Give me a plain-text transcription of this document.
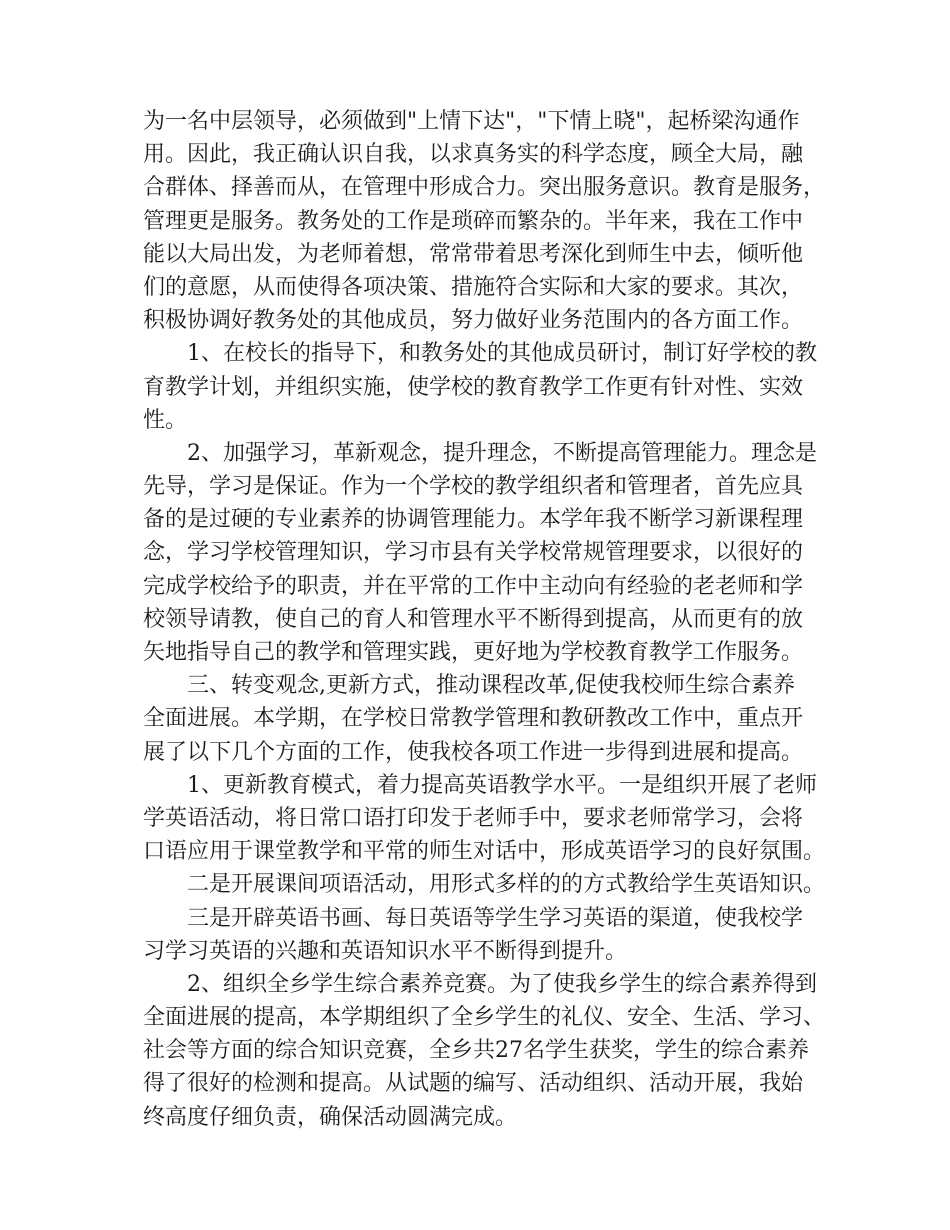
为一名中层领导，必须做到"上情下达"，"下情上晓"，起桥梁沟通作
用。因此，我正确认识自我，以求真务实的科学态度，顾全大局，融
合群体、择善而从，在管理中形成合力。突出服务意识。教育是服务，
管理更是服务。教务处的工作是琐碎而繁杂的。半年来，我在工作中
能以大局出发，为老师着想，常常带着思考深化到师生中去，倾听他
们的意愿，从而使得各项决策、措施符合实际和大家的要求。其次，
积极协调好教务处的其他成员，努力做好业务范围内的各方面工作。
1、在校长的指导下，和教务处的其他成员研讨，制订好学校的教
育教学计划，并组织实施，使学校的教育教学工作更有针对性、实效
性。
2、加强学习，革新观念，提升理念，不断提高管理能力。理念是
先导，学习是保证。作为一个学校的教学组织者和管理者，首先应具
备的是过硬的专业素养的协调管理能力。本学年我不断学习新课程理
念，学习学校管理知识，学习市县有关学校常规管理要求，以很好的
完成学校给予的职责，并在平常的工作中主动向有经验的老老师和学
校领导请教，使自己的育人和管理水平不断得到提高，从而更有的放
矢地指导自己的教学和管理实践，更好地为学校教育教学工作服务。
三、转变观念,更新方式，推动课程改革,促使我校师生综合素养
全面进展。本学期，在学校日常教学管理和教研教改工作中，重点开
展了以下几个方面的工作，使我校各项工作进一步得到进展和提高。
1、更新教育模式，着力提高英语教学水平。一是组织开展了老师
学英语活动，将日常口语打印发于老师手中，要求老师常学习，会将
口语应用于课堂教学和平常的师生对话中，形成英语学习的良好氛围。
二是开展课间项语活动，用形式多样的的方式教给学生英语知识。
三是开辟英语书画、每日英语等学生学习英语的渠道，使我校学
习学习英语的兴趣和英语知识水平不断得到提升。
2、组织全乡学生综合素养竞赛。为了使我乡学生的综合素养得到
全面进展的提高，本学期组织了全乡学生的礼仪、安全、生活、学习、
社会等方面的综合知识竞赛，全乡共27名学生获奖，学生的综合素养
得了很好的检测和提高。从试题的编写、活动组织、活动开展，我始
终高度仔细负责，确保活动圆满完成。
